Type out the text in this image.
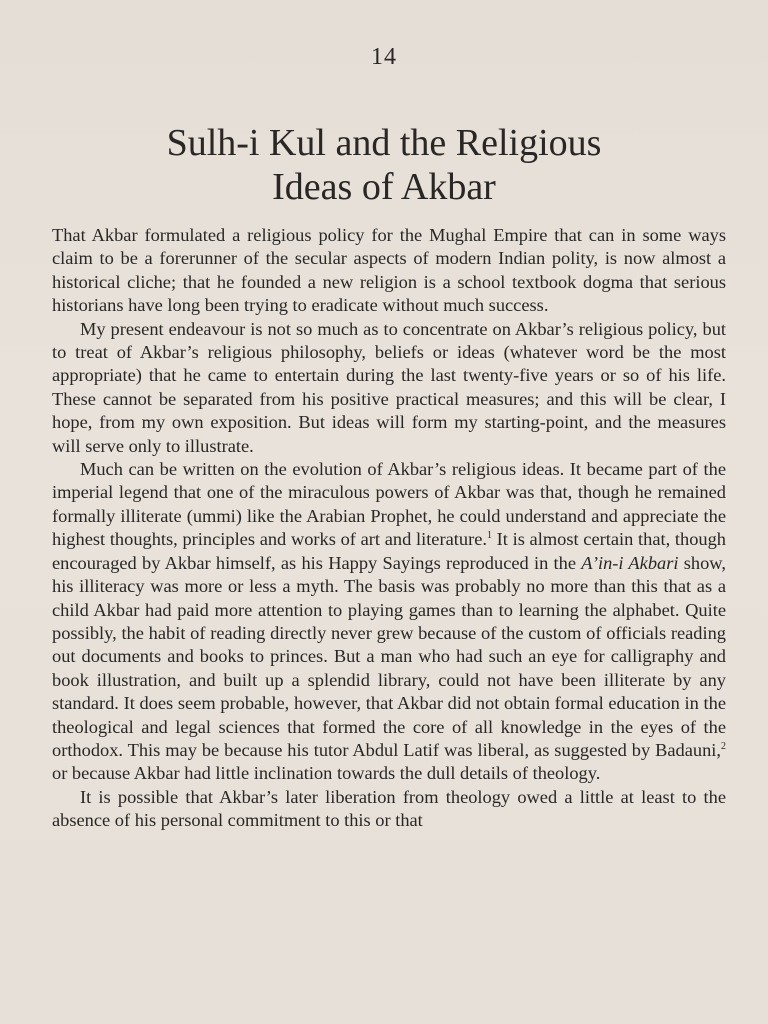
14
Sulh-i Kul and the Religious
Ideas of Akbar

That Akbar formulated a religious policy for the Mughal Empire that can in some ways claim to be a forerunner of the secular aspects of modern Indian polity, is now almost a historical cliche; that he founded a new religion is a school textbook dogma that serious historians have long been trying to eradicate without much success.

My present endeavour is not so much as to concentrate on Akbar’s religious policy, but to treat of Akbar’s religious philosophy, beliefs or ideas (whatever word be the most appropriate) that he came to entertain during the last twenty-five years or so of his life. These cannot be separated from his positive practical measures; and this will be clear, I hope, from my own exposition. But ideas will form my starting-point, and the measures will serve only to illustrate.

Much can be written on the evolution of Akbar’s religious ideas. It became part of the imperial legend that one of the miraculous powers of Akbar was that, though he remained formally illiterate (ummi) like the Arabian Prophet, he could understand and appreciate the highest thoughts, principles and works of art and literature.$^1$ It is almost certain that, though encouraged by Akbar himself, as his Happy Sayings reproduced in the A’in-i Akbari show, his illiteracy was more or less a myth. The basis was probably no more than this that as a child Akbar had paid more attention to playing games than to learning the alphabet. Quite possibly, the habit of reading directly never grew because of the custom of officials reading out documents and books to princes. But a man who had such an eye for calligraphy and book illustration, and built up a splendid library, could not have been illiterate by any standard. It does seem probable, however, that Akbar did not obtain formal education in the theological and legal sciences that formed the core of all knowledge in the eyes of the orthodox. This may be because his tutor Abdul Latif was liberal, as suggested by Badauni,$^2$ or because Akbar had little inclination towards the dull details of theology.

It is possible that Akbar’s later liberation from theology owed a little at least to the absence of his personal commitment to this or that
